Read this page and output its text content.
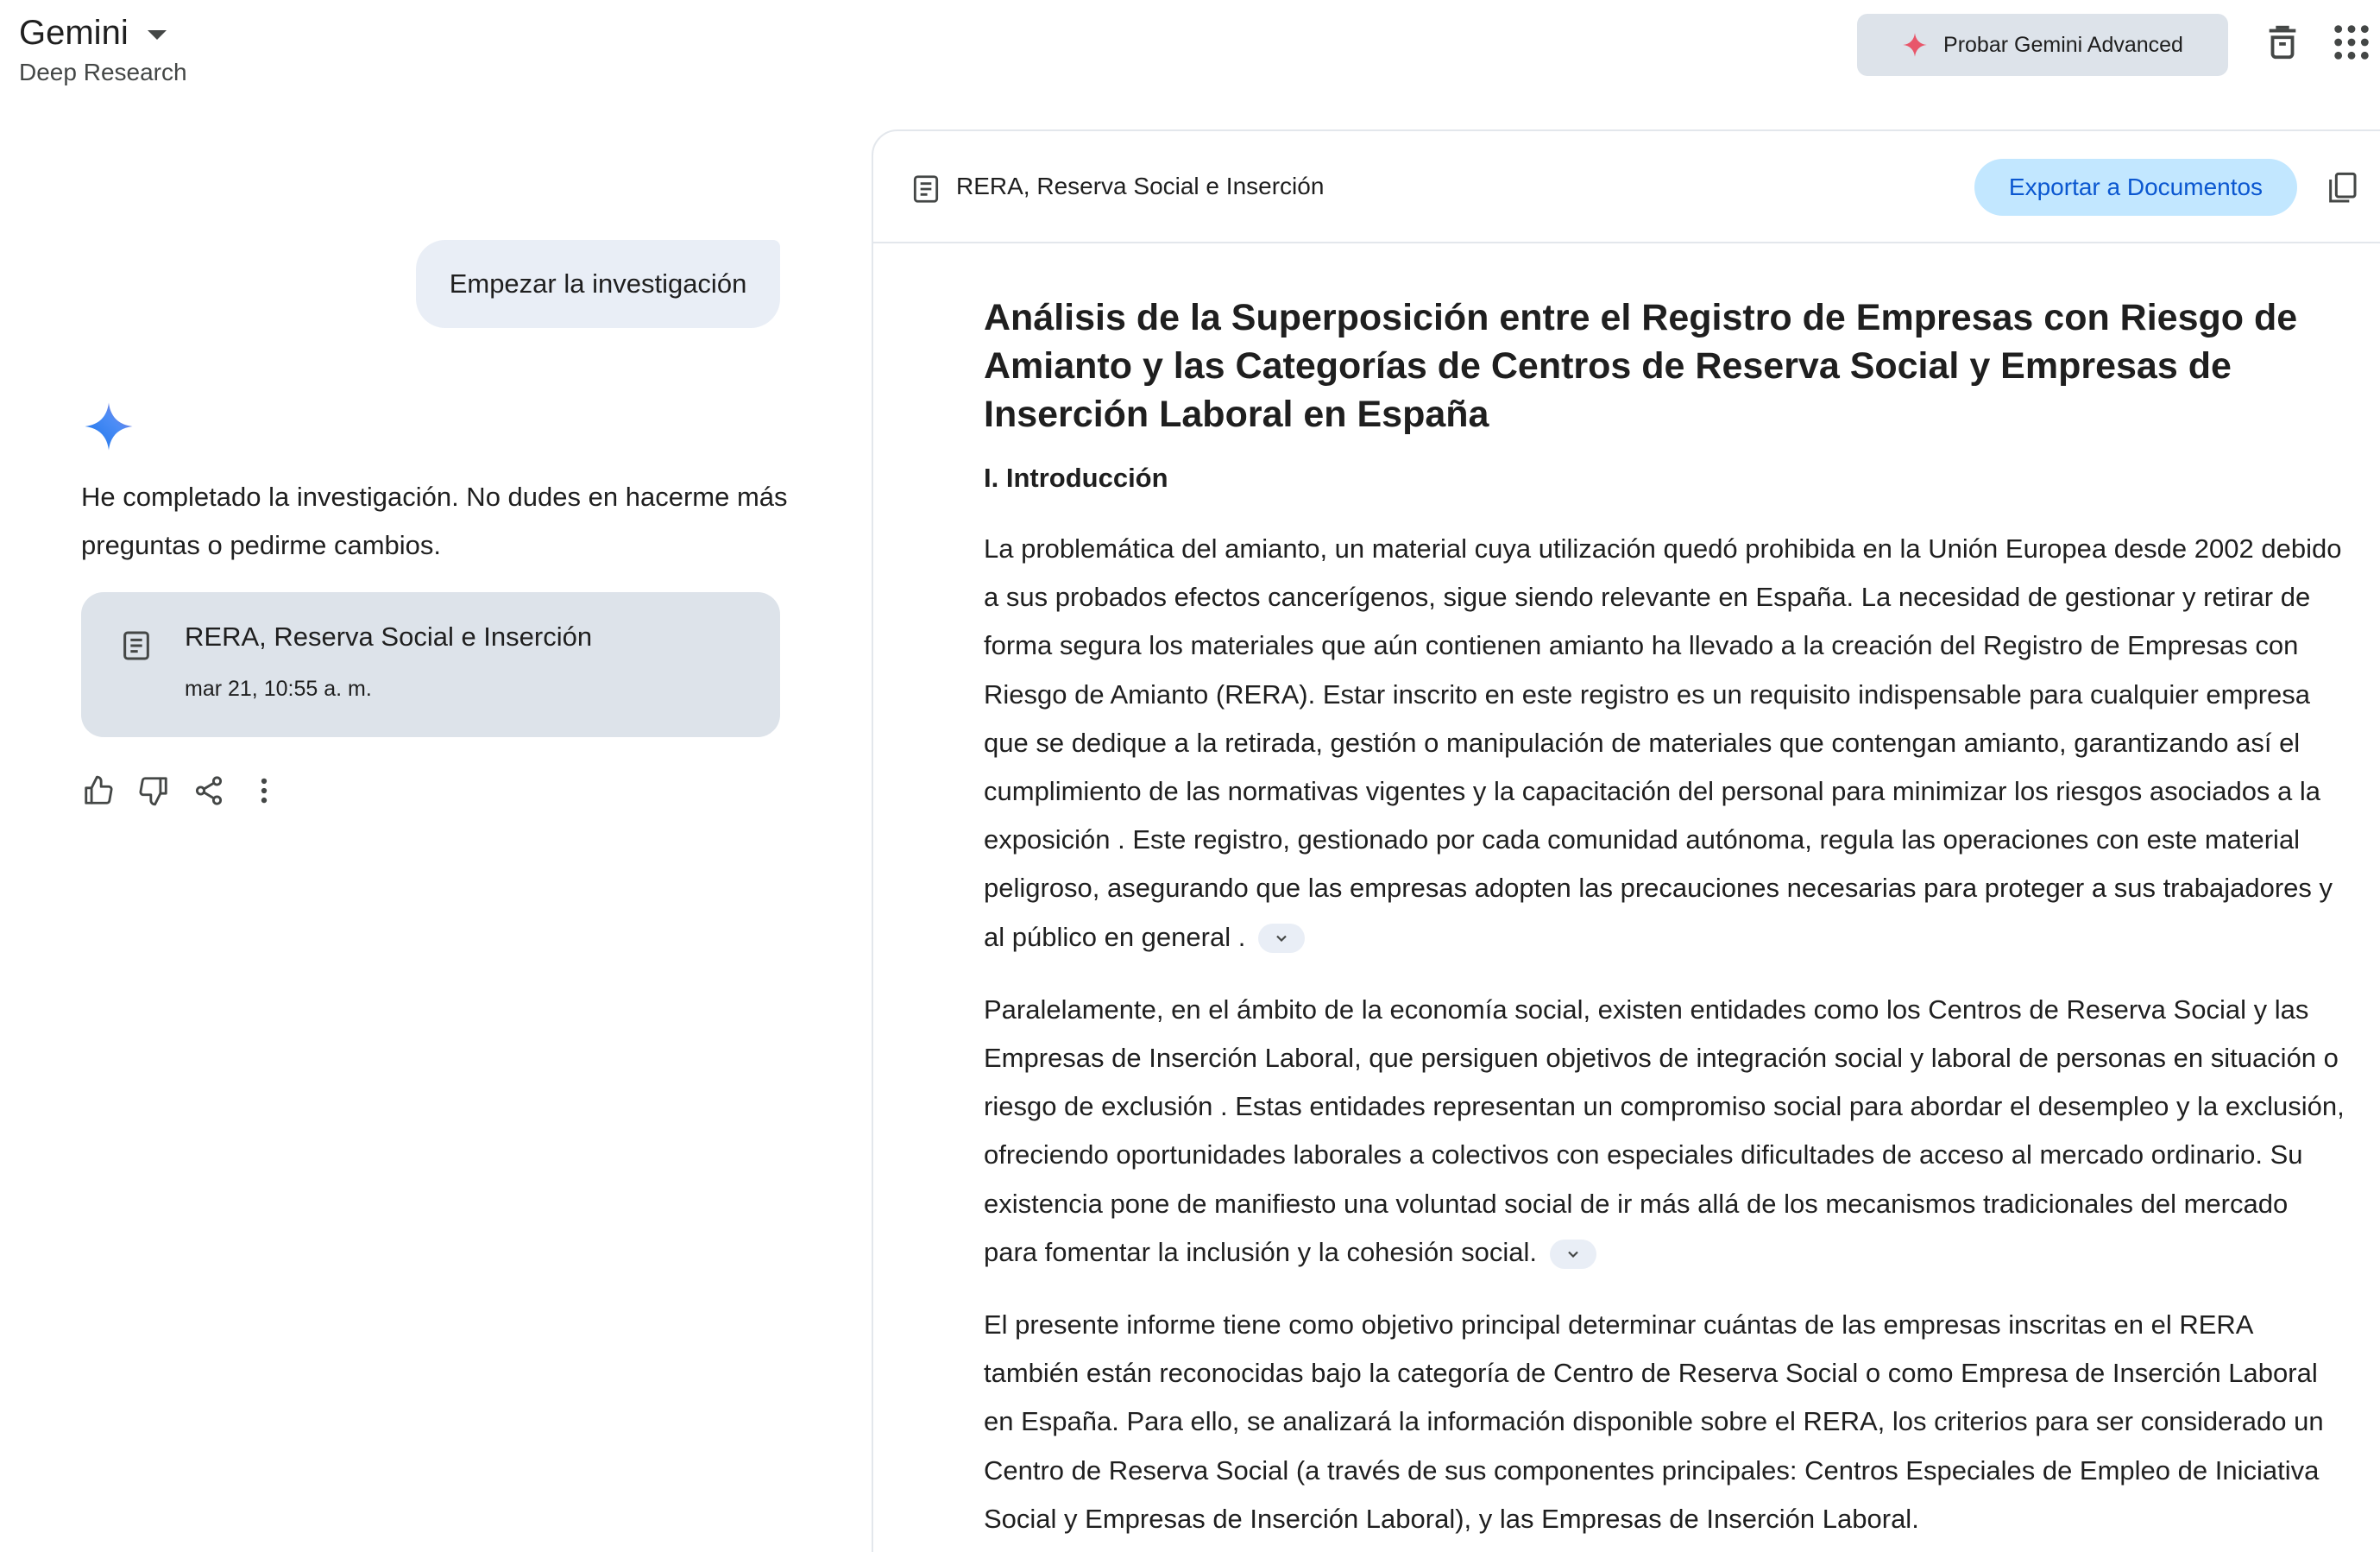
Gemini
Deep Research
Probar Gemini Advanced
Empezar la investigación
He completado la investigación. No dudes en hacerme más preguntas o pedirme cambios.
RERA, Reserva Social e Inserción
mar 21, 10:55 a. m.
RERA, Reserva Social e Inserción	Exportar a Documentos
Análisis de la Superposición entre el Registro de Empresas con Riesgo de Amianto y las Categorías de Centros de Reserva Social y Empresas de Inserción Laboral en España
I. Introducción

La problemática del amianto, un material cuya utilización quedó prohibida en la Unión Europea desde 2002 debido a sus probados efectos cancerígenos, sigue siendo relevante en España. La necesidad de gestionar y retirar de forma segura los materiales que aún contienen amianto ha llevado a la creación del Registro de Empresas con Riesgo de Amianto (RERA). Estar inscrito en este registro es un requisito indispensable para cualquier empresa que se dedique a la retirada, gestión o manipulación de materiales que contengan amianto, garantizando así el cumplimiento de las normativas vigentes y la capacitación del personal para minimizar los riesgos asociados a la exposición . Este registro, gestionado por cada comunidad autónoma, regula las operaciones con este material peligroso, asegurando que las empresas adopten las precauciones necesarias para proteger a sus trabajadores y al público en general .

Paralelamente, en el ámbito de la economía social, existen entidades como los Centros de Reserva Social y las Empresas de Inserción Laboral, que persiguen objetivos de integración social y laboral de personas en situación o riesgo de exclusión . Estas entidades representan un compromiso social para abordar el desempleo y la exclusión, ofreciendo oportunidades laborales a colectivos con especiales dificultades de acceso al mercado ordinario. Su existencia pone de manifiesto una voluntad social de ir más allá de los mecanismos tradicionales del mercado para fomentar la inclusión y la cohesión social.

El presente informe tiene como objetivo principal determinar cuántas de las empresas inscritas en el RERA también están reconocidas bajo la categoría de Centro de Reserva Social o como Empresa de Inserción Laboral en España. Para ello, se analizará la información disponible sobre el RERA, los criterios para ser considerado un Centro de Reserva Social (a través de sus componentes principales: Centros Especiales de Empleo de Iniciativa Social y Empresas de Inserción Laboral), y las Empresas de Inserción Laboral.
